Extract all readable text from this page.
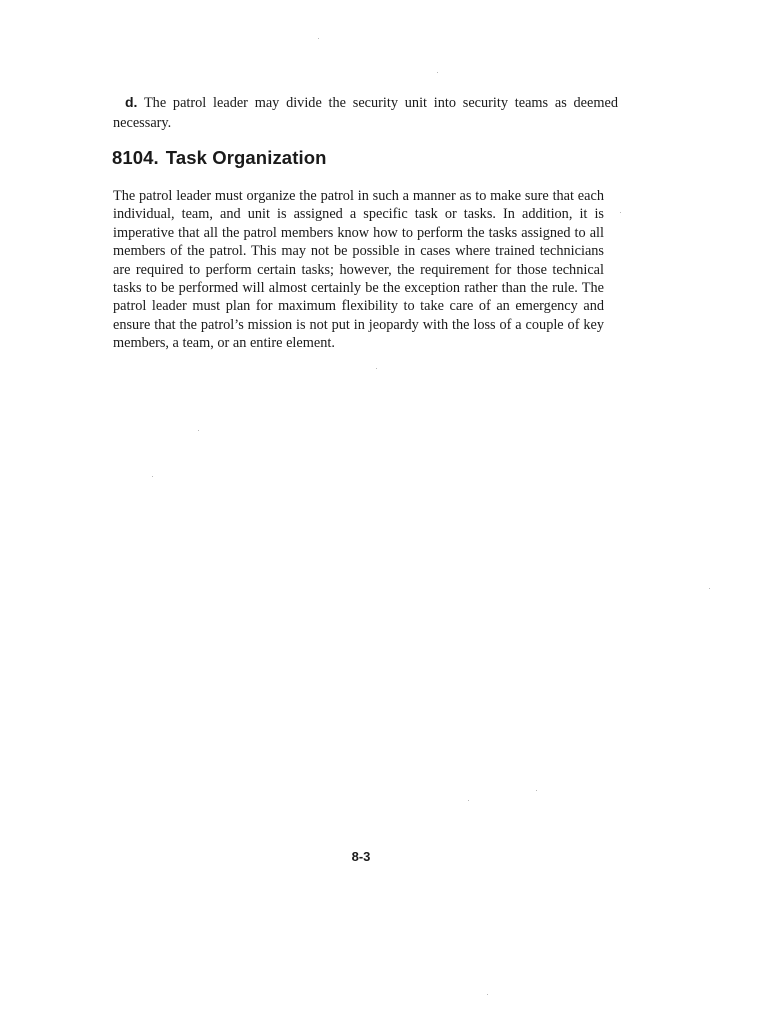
d. The patrol leader may divide the security unit into security teams as deemed necessary.

8104. Task Organization

The patrol leader must organize the patrol in such a manner as to make sure that each individual, team, and unit is assigned a specific task or tasks. In addition, it is imperative that all the patrol members know how to perform the tasks assigned to all members of the patrol. This may not be possible in cases where trained technicians are required to perform certain tasks; however, the requirement for those technical tasks to be performed will almost certainly be the exception rather than the rule. The patrol leader must plan for maximum flexibility to take care of an emergency and ensure that the patrol’s mission is not put in jeopardy with the loss of a couple of key members, a team, or an entire element.

8-3
